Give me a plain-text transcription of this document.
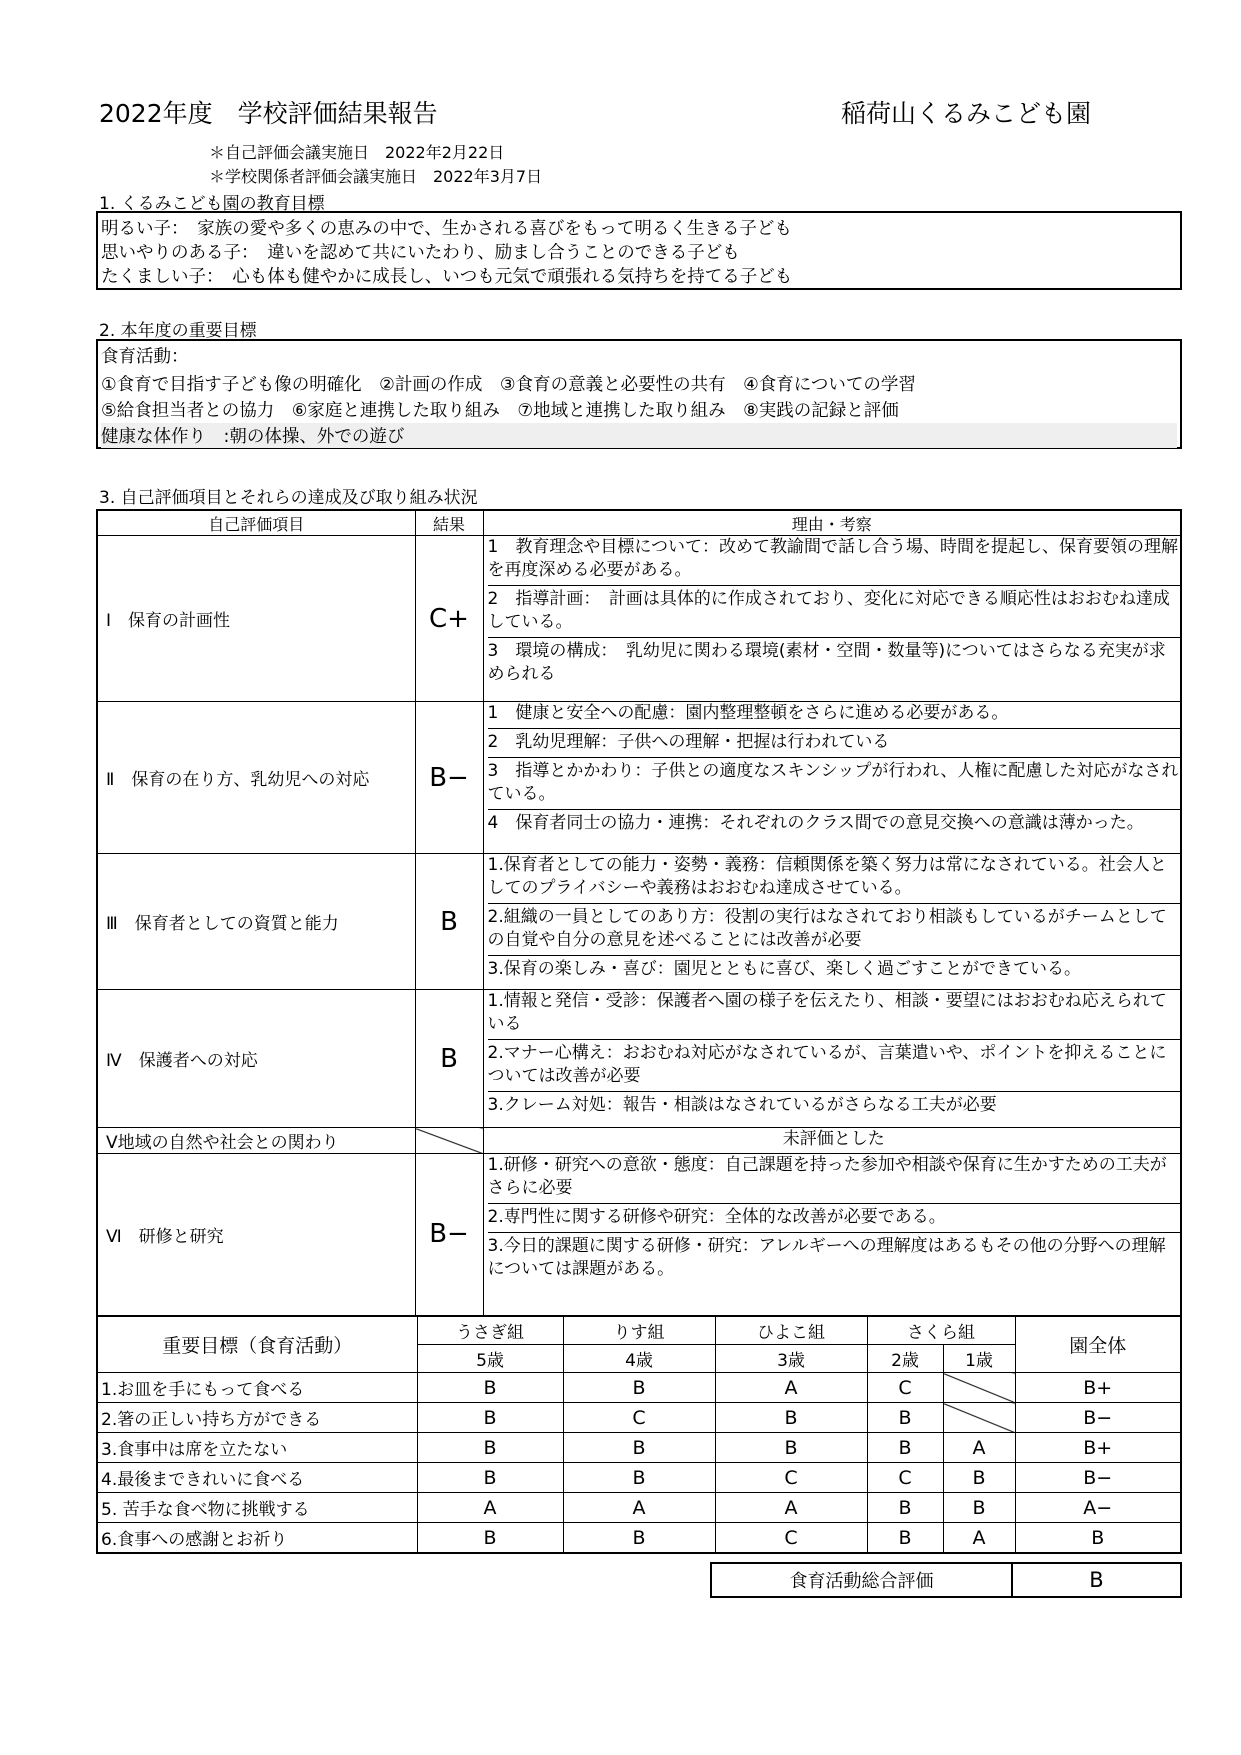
2022年度　学校評価結果報告	稲荷山くるみこども園
＊自己評価会議実施日　2022年2月22日
＊学校関係者評価会議実施日　2022年3月7日
1. くるみこども園の教育目標
明るい子：　家族の愛や多くの恵みの中で、生かされる喜びをもって明るく生きる子ども
思いやりのある子：　違いを認めて共にいたわり、励まし合うことのできる子ども
たくましい子：　心も体も健やかに成長し、いつも元気で頑張れる気持ちを持てる子ども
2. 本年度の重要目標
食育活動：
①食育で目指す子ども像の明確化　②計画の作成　③食育の意義と必要性の共有　④食育についての学習
⑤給食担当者との協力　⑥家庭と連携した取り組み　⑦地域と連携した取り組み　⑧実践の記録と評価
健康な体作り　:朝の体操、外での遊び
3. 自己評価項目とそれらの達成及び取り組み状況
自己評価項目	結果	理由・考察
Ⅰ　保育の計画性	C+	1　教育理念や目標について：改めて教諭間で話し合う場、時間を提起し、保育要領の理解を再度深める必要がある。
2　指導計画：　計画は具体的に作成されており、変化に対応できる順応性はおおむね達成している。
3　環境の構成：　乳幼児に関わる環境(素材・空間・数量等)についてはさらなる充実が求められる

Ⅱ　保育の在り方、乳幼児への対応	B−	1　健康と安全への配慮：園内整理整頓をさらに進める必要がある。
2　乳幼児理解：子供への理解・把握は行われている
3　指導とかかわり：子供との適度なスキンシップが行われ、人権に配慮した対応がなされている。
4　保育者同士の協力・連携：それぞれのクラス間での意見交換への意識は薄かった。

Ⅲ　保育者としての資質と能力	B	1.保育者としての能力・姿勢・義務：信頼関係を築く努力は常になされている。社会人としてのプライバシーや義務はおおむね達成させている。
2.組織の一員としてのあり方：役割の実行はなされており相談もしているがチームとしての自覚や自分の意見を述べることには改善が必要
3.保育の楽しみ・喜び：園児とともに喜び、楽しく過ごすことができている。

Ⅳ　保護者への対応	B	1.情報と発信・受診：保護者へ園の様子を伝えたり、相談・要望にはおおむね応えられている
2.マナー心構え：おおむね対応がなされているが、言葉遣いや、ポイントを抑えることについては改善が必要
3.クレーム対処：報告・相談はなされているがさらなる工夫が必要

Ⅴ地域の自然や社会との関わり		未評価とした
Ⅵ　研修と研究	B−	1.研修・研究への意欲・態度：自己課題を持った参加や相談や保育に生かすための工夫がさらに必要
2.専門性に関する研修や研究：全体的な改善が必要である。
3.今日的課題に関する研修・研究：アレルギーへの理解度はあるもその他の分野への理解については課題がある。
重要目標（食育活動）	うさぎ組	りす組	ひよこ組	さくら組		園全体
	5歳	4歳	3歳	2歳	1歳	
1.お皿を手にもって食べる	B	B	A	C		B+
2.箸の正しい持ち方ができる	B	C	B	B		B−
3.食事中は席を立たない	B	B	B	B	A	B+
4.最後まできれいに食べる	B	B	C	C	B	B−
5. 苦手な食べ物に挑戦する	A	A	A	B	B	A−
6.食事への感謝とお祈り	B	B	C	B	A	B
食育活動総合評価	B
